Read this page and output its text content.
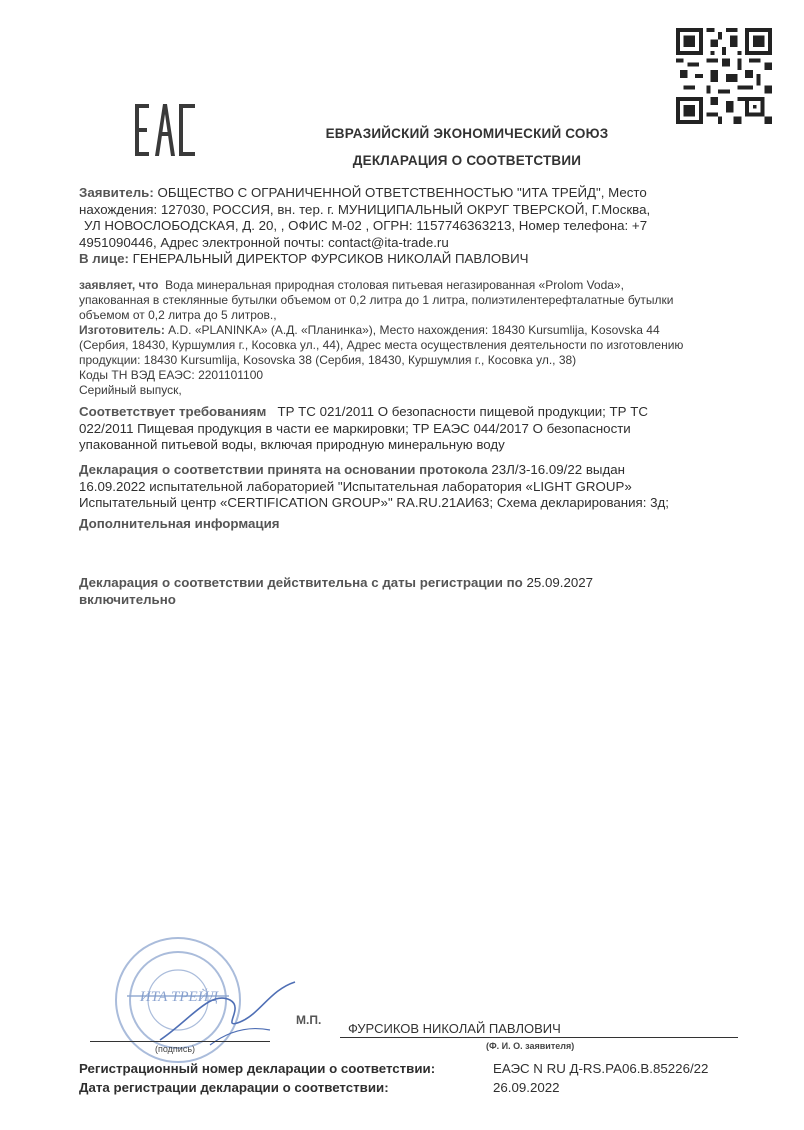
ЕВРАЗИЙСКИЙ ЭКОНОМИЧЕСКИЙ СОЮЗ
ДЕКЛАРАЦИЯ О СООТВЕТСТВИИ
Заявитель: ОБЩЕСТВО С ОГРАНИЧЕННОЙ ОТВЕТСТВЕННОСТЬЮ "ИТА ТРЕЙД", Место
нахождения: 127030, РОССИЯ, вн. тер. г. МУНИЦИПАЛЬНЫЙ ОКРУГ ТВЕРСКОЙ, Г.Москва,
УЛ НОВОСЛОБОДСКАЯ, Д. 20, , ОФИС М-02 , ОГРН: 1157746363213, Номер телефона: +7
4951090446, Адрес электронной почты: contact@ita-trade.ru
В лице: ГЕНЕРАЛЬНЫЙ ДИРЕКТОР ФУРСИКОВ НИКОЛАЙ ПАВЛОВИЧ
заявляет, что Вода минеральная природная столовая питьевая негазированная «Prolom Voda»,
упакованная в стеклянные бутылки объемом от 0,2 литра до 1 литра, полиэтилентерефталатные бутылки
объемом от 0,2 литра до 5 литров.,
Изготовитель: A.D. «PLANINKA» (А.Д. «Планинка»), Место нахождения: 18430 Kursumlija, Kosovska 44
(Сербия, 18430, Куршумлия г., Косовка ул., 44), Адрес места осуществления деятельности по изготовлению
продукции: 18430 Kursumlija, Kosovska 38 (Сербия, 18430, Куршумлия г., Косовка ул., 38)
Коды ТН ВЭД ЕАЭС: 2201101100
Серийный выпуск,
Соответствует требованиям ТР ТС 021/2011 О безопасности пищевой продукции; ТР ТС
022/2011 Пищевая продукция в части ее маркировки; ТР ЕАЭС 044/2017 О безопасности
упакованной питьевой воды, включая природную минеральную воду
Декларация о соответствии принята на основании протокола 23Л/3-16.09/22 выдан
16.09.2022 испытательной лабораторией "Испытательная лаборатория «LIGHT GROUP»
Испытательный центр «CERTIFICATION GROUP»" RA.RU.21АИ63; Схема декларирования: 3д;
Дополнительная информация
Декларация о соответствии действительна с даты регистрации по 25.09.2027
включительно
ИТА ТРЕЙД
М.П.
ФУРСИКОВ НИКОЛАЙ ПАВЛОВИЧ
(подпись)	(Ф. И. О. заявителя)
Регистрационный номер декларации о соответствии:	ЕАЭС N RU Д-RS.РА06.В.85226/22
Дата регистрации декларации о соответствии:	26.09.2022
